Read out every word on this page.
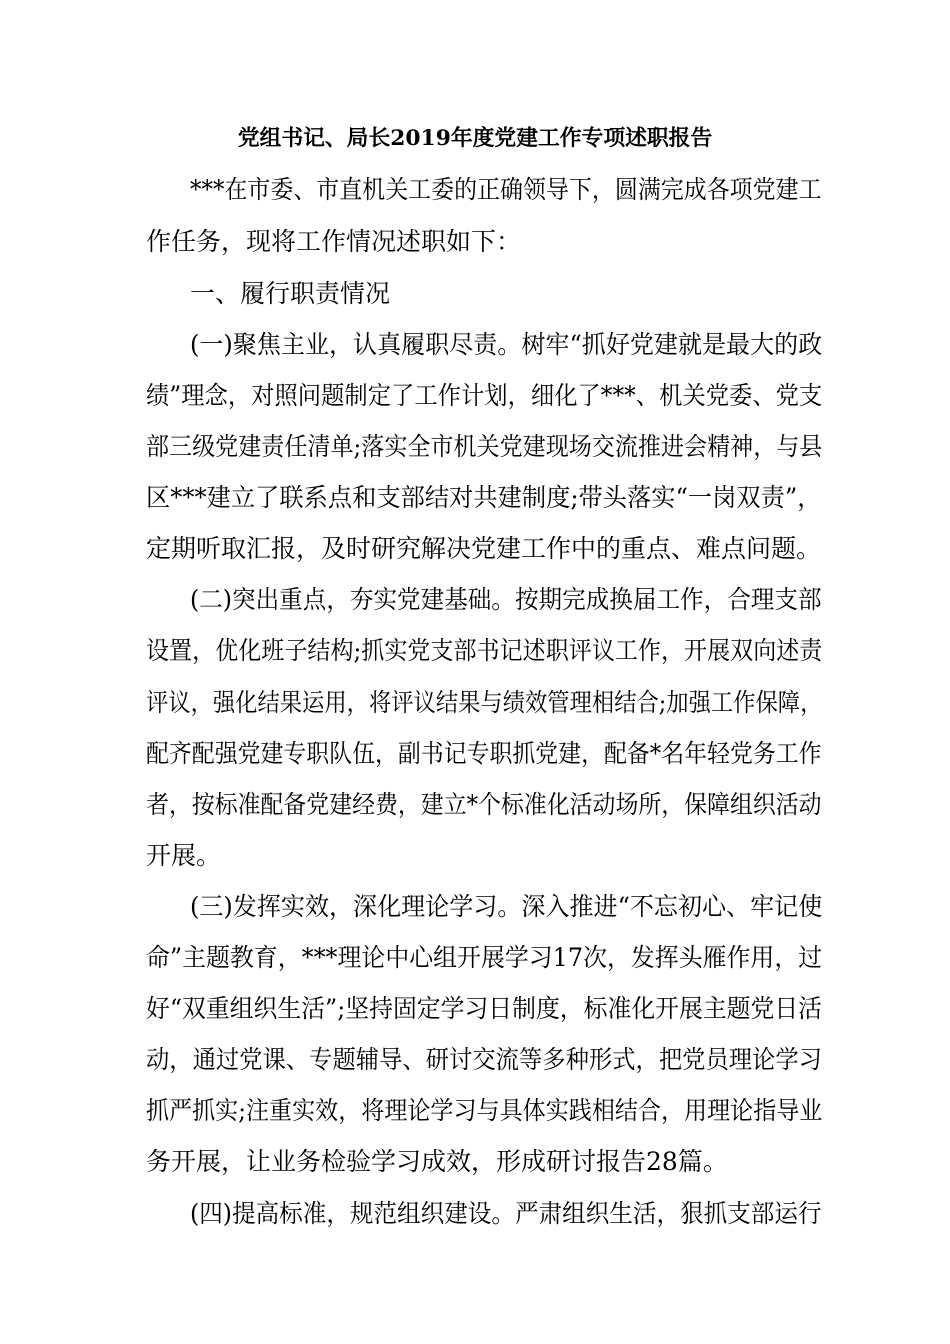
党组书记、局长2019年度党建工作专项述职报告

***在市委、市直机关工委的正确领导下，圆满完成各项党建工

作任务，现将工作情况述职如下：

一、履行职责情况

(一)聚焦主业，认真履职尽责。树牢“抓好党建就是最大的政

绩”理念，对照问题制定了工作计划，细化了***、机关党委、党支

部三级党建责任清单;落实全市机关党建现场交流推进会精神，与县

区***建立了联系点和支部结对共建制度;带头落实“一岗双责”，

定期听取汇报，及时研究解决党建工作中的重点、难点问题。

(二)突出重点，夯实党建基础。按期完成换届工作，合理支部

设置，优化班子结构;抓实党支部书记述职评议工作，开展双向述责

评议，强化结果运用，将评议结果与绩效管理相结合;加强工作保障，

配齐配强党建专职队伍，副书记专职抓党建，配备*名年轻党务工作

者，按标准配备党建经费，建立*个标准化活动场所，保障组织活动

开展。

(三)发挥实效，深化理论学习。深入推进“不忘初心、牢记使

命”主题教育，***理论中心组开展学习17次，发挥头雁作用，过

好“双重组织生活”;坚持固定学习日制度，标准化开展主题党日活

动，通过党课、专题辅导、研讨交流等多种形式，把党员理论学习

抓严抓实;注重实效，将理论学习与具体实践相结合，用理论指导业

务开展，让业务检验学习成效，形成研讨报告28篇。

(四)提高标准，规范组织建设。严肃组织生活，狠抓支部运行
